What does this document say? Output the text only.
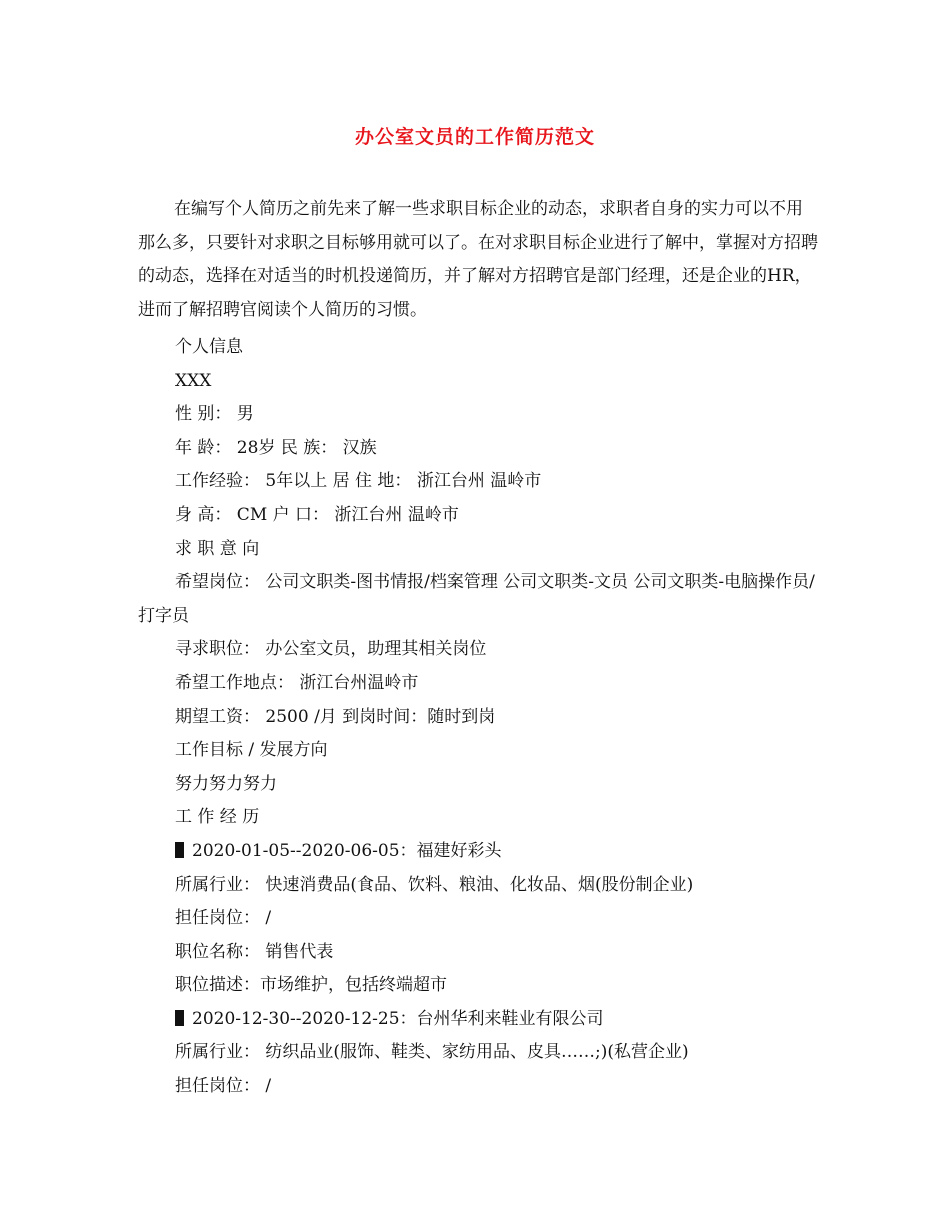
办公室文员的工作简历范文

在编写个人简历之前先来了解一些求职目标企业的动态，求职者自身的实力可以不用那么多，只要针对求职之目标够用就可以了。在对求职目标企业进行了解中，掌握对方招聘的动态，选择在对适当的时机投递简历，并了解对方招聘官是部门经理，还是企业的HR，进而了解招聘官阅读个人简历的习惯。

个人信息
XXX
性 别： 男
年 龄： 28岁 民 族： 汉族
工作经验： 5年以上 居 住 地： 浙江台州 温岭市
身 高： CM 户 口： 浙江台州 温岭市
求 职 意 向
希望岗位： 公司文职类-图书情报/档案管理 公司文职类-文员 公司文职类-电脑操作员/打字员
寻求职位： 办公室文员，助理其相关岗位
希望工作地点： 浙江台州温岭市
期望工资： 2500 /月 到岗时间：随时到岗
工作目标 / 发展方向
努力努力努力
工 作 经 历
2020-01-05--2020-06-05：福建好彩头
所属行业： 快速消费品(食品、饮料、粮油、化妆品、烟(股份制企业)
担任岗位： /
职位名称： 销售代表
职位描述：市场维护，包括终端超市
2020-12-30--2020-12-25：台州华利来鞋业有限公司
所属行业： 纺织品业(服饰、鞋类、家纺用品、皮具……;)(私营企业)
担任岗位： /
